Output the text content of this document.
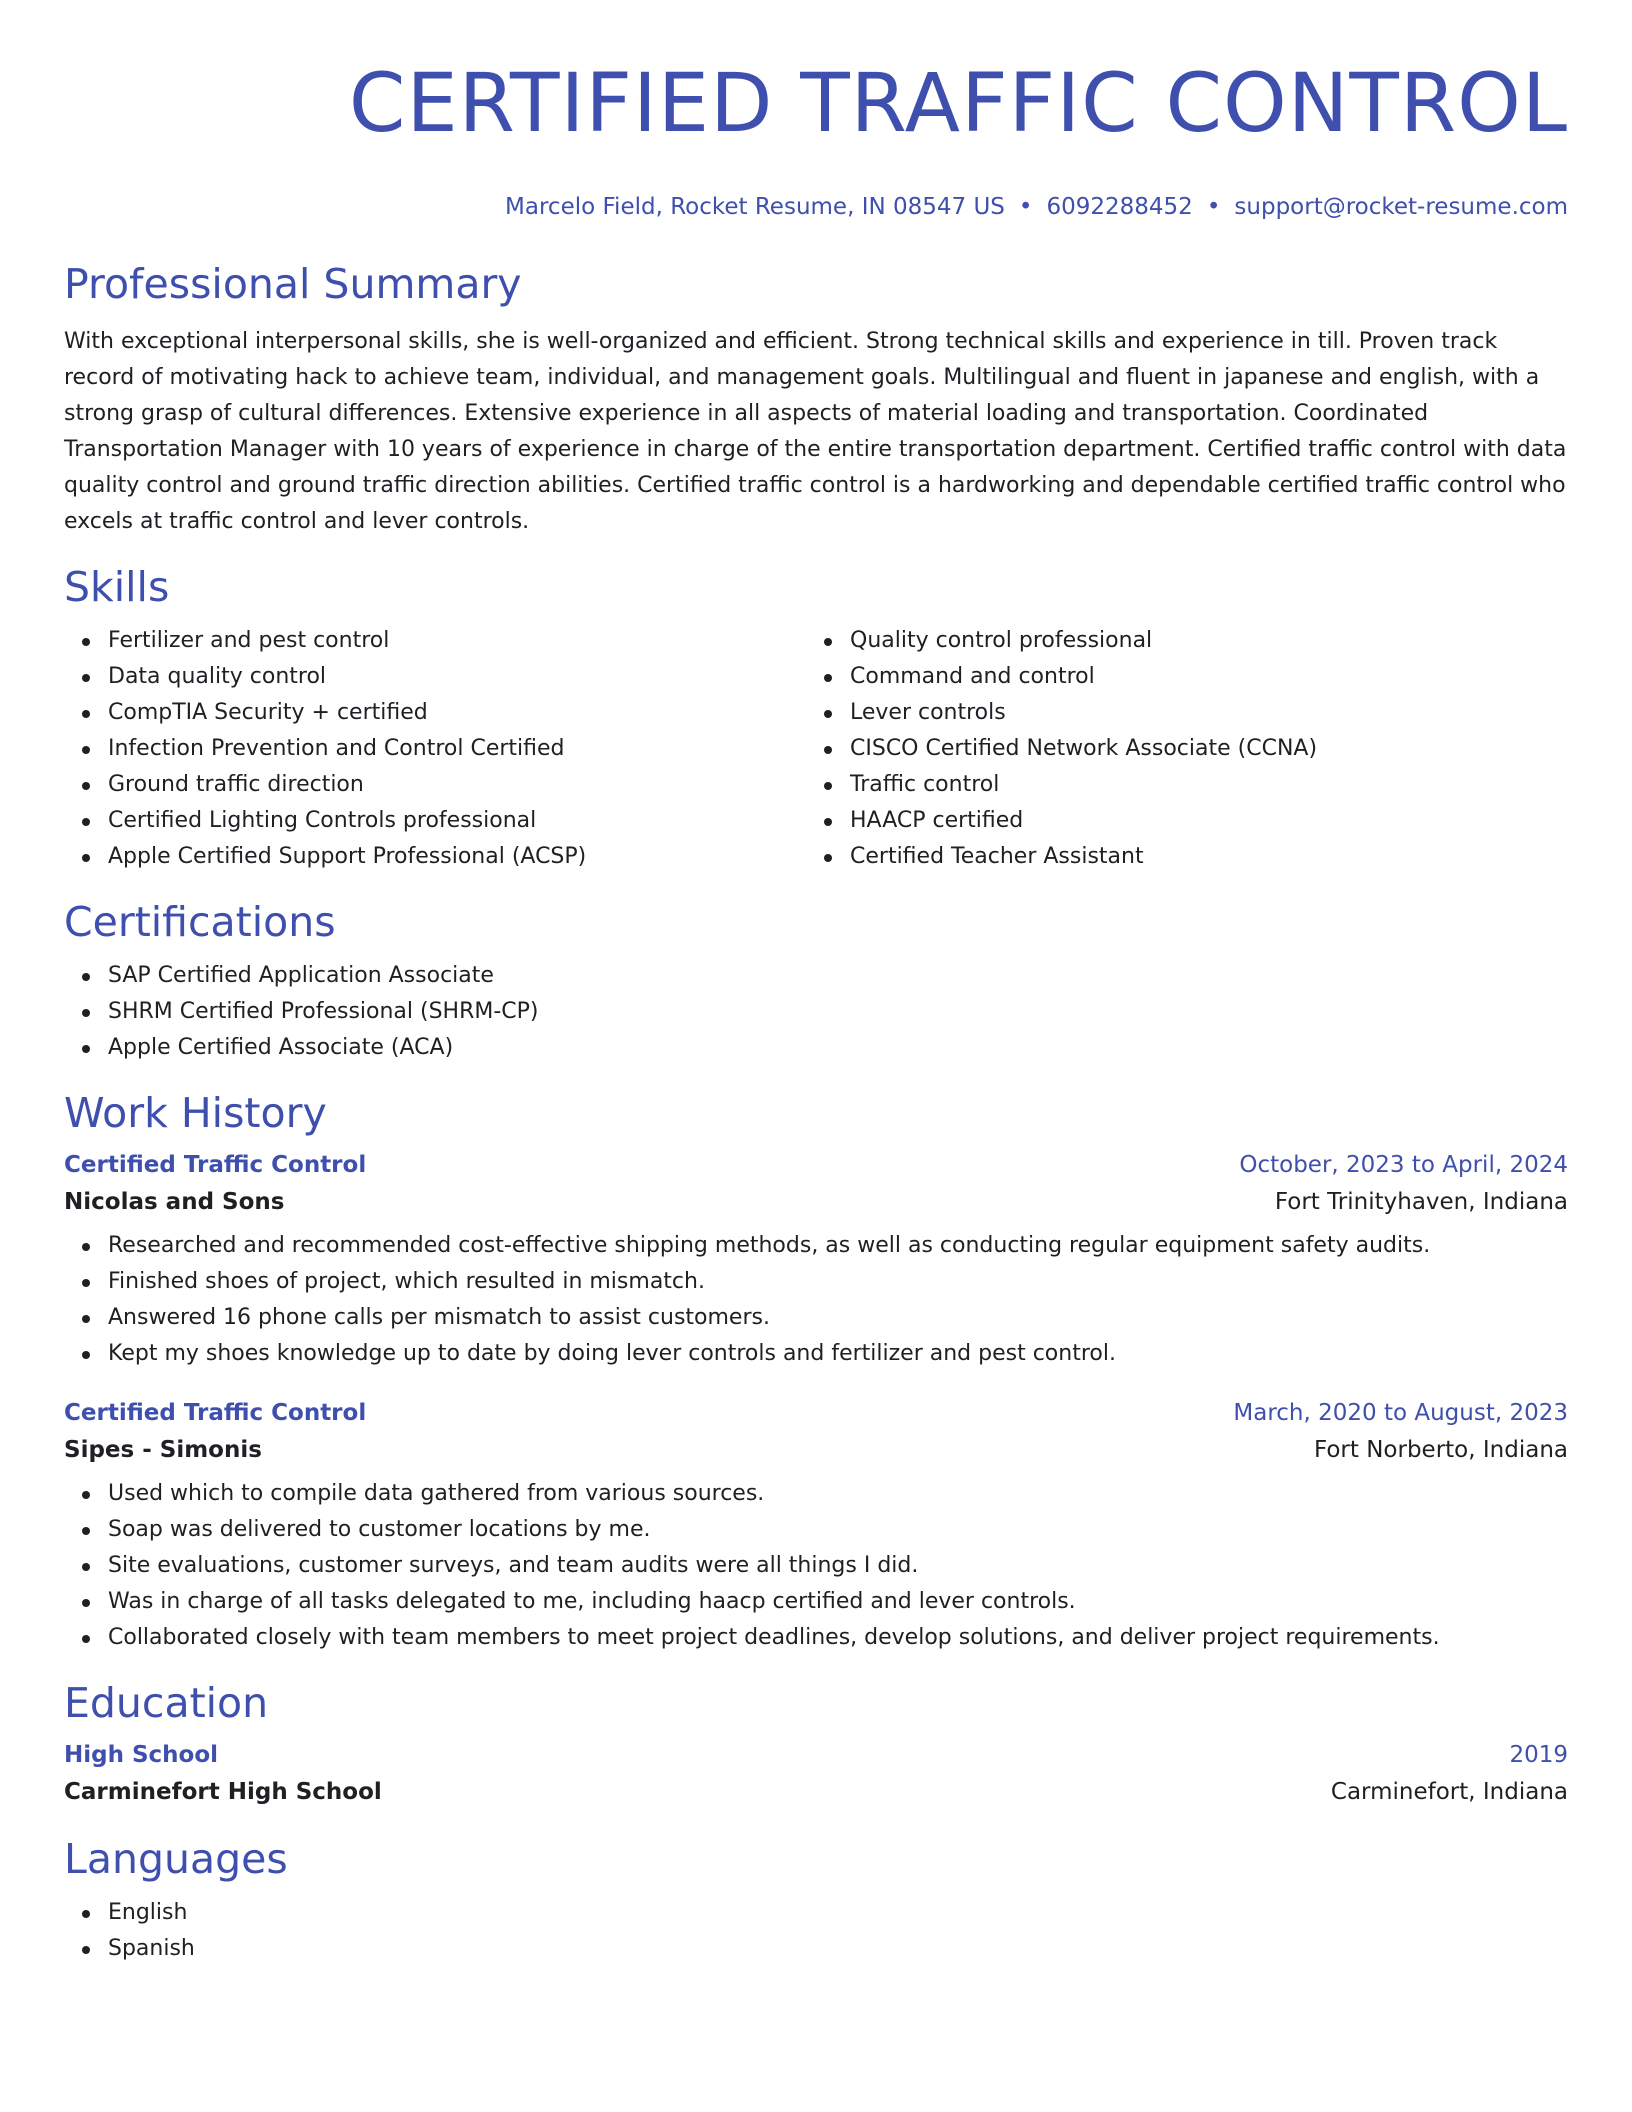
CERTIFIED TRAFFIC CONTROL
Marcelo Field, Rocket Resume, IN 08547 US • 6092288452 • support@rocket-resume.com
Professional Summary

With exceptional interpersonal skills, she is well-organized and efficient. Strong technical skills and experience in till. Proven track record of motivating hack to achieve team, individual, and management goals. Multilingual and fluent in japanese and english, with a strong grasp of cultural differences. Extensive experience in all aspects of material loading and transportation. Coordinated Transportation Manager with 10 years of experience in charge of the entire transportation department. Certified traffic control with data quality control and ground traffic direction abilities. Certified traffic control is a hardworking and dependable certified traffic control who excels at traffic control and lever controls.

Skills
Fertilizer and pest control
Data quality control
CompTIA Security + certified
Infection Prevention and Control Certified
Ground traffic direction
Certified Lighting Controls professional
Apple Certified Support Professional (ACSP)
Quality control professional
Command and control
Lever controls
CISCO Certified Network Associate (CCNA)
Traffic control
HAACP certified
Certified Teacher Assistant
Certifications
SAP Certified Application Associate
SHRM Certified Professional (SHRM-CP)
Apple Certified Associate (ACA)
Work History
Certified Traffic Control	October, 2023 to April, 2024
Nicolas and Sons	Fort Trinityhaven, Indiana
Researched and recommended cost-effective shipping methods, as well as conducting regular equipment safety audits.
Finished shoes of project, which resulted in mismatch.
Answered 16 phone calls per mismatch to assist customers.
Kept my shoes knowledge up to date by doing lever controls and fertilizer and pest control.
Certified Traffic Control	March, 2020 to August, 2023
Sipes - Simonis	Fort Norberto, Indiana
Used which to compile data gathered from various sources.
Soap was delivered to customer locations by me.
Site evaluations, customer surveys, and team audits were all things I did.
Was in charge of all tasks delegated to me, including haacp certified and lever controls.
Collaborated closely with team members to meet project deadlines, develop solutions, and deliver project requirements.
Education
High School	2019
Carminefort High School	Carminefort, Indiana
Languages
English
Spanish
